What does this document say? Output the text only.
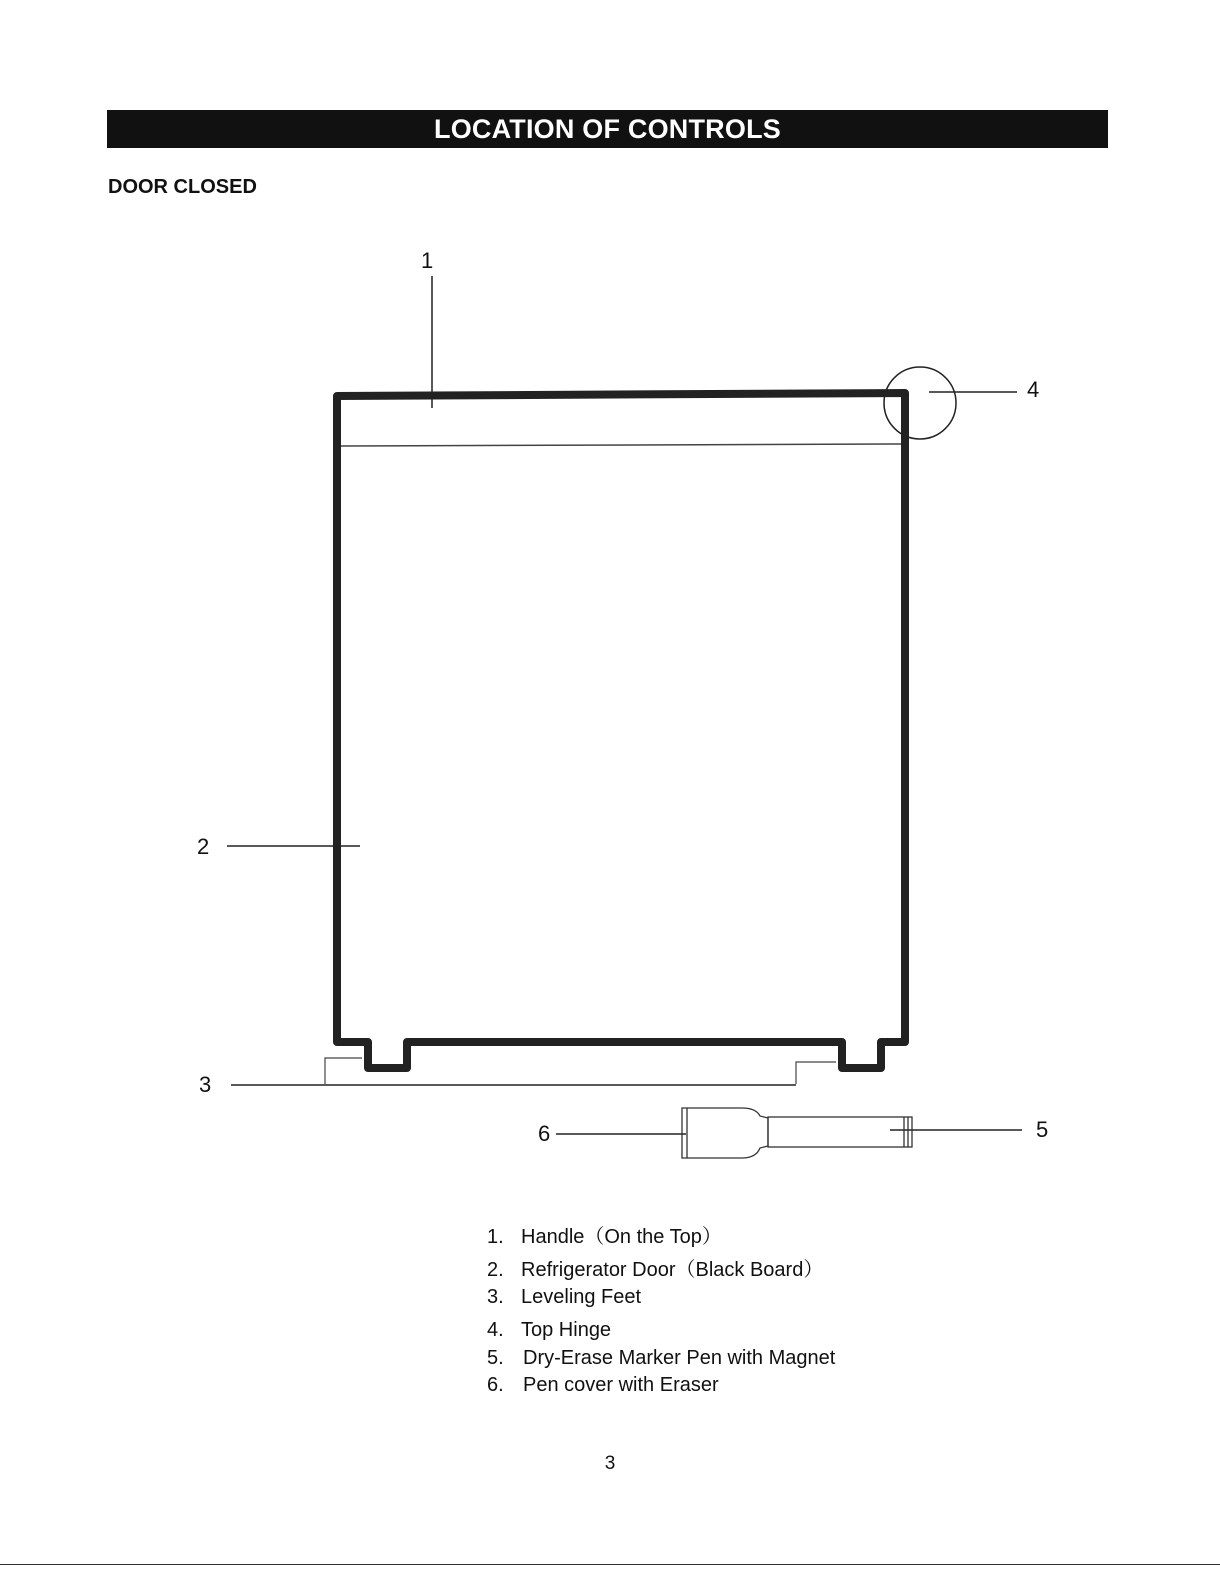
LOCATION OF CONTROLS
DOOR CLOSED
1
2
3
4
5
6
1. Handle（On the Top）
2. Refrigerator Door（Black Board）
3. Leveling Feet
4. Top Hinge
5. Dry-Erase Marker Pen with Magnet
6. Pen cover with Eraser
3
